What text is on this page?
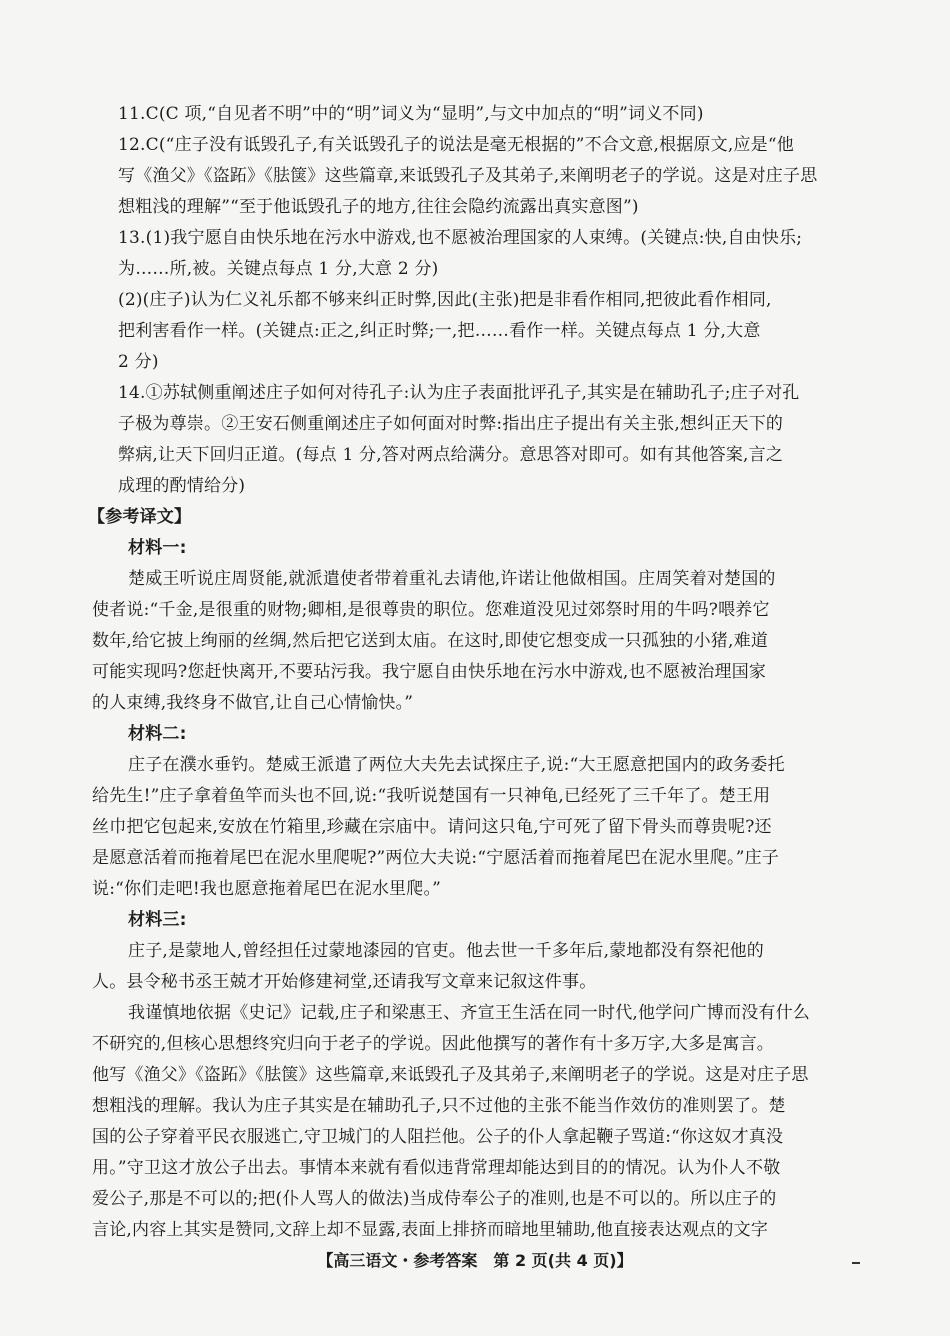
11.C(C 项,“自见者不明”中的“明”词义为“显明”,与文中加点的“明”词义不同)
12.C(“庄子没有诋毁孔子,有关诋毁孔子的说法是毫无根据的”不合文意,根据原文,应是“他
写《渔父》《盗跖》《胠箧》这些篇章,来诋毁孔子及其弟子,来阐明老子的学说。这是对庄子思
想粗浅的理解”“至于他诋毁孔子的地方,往往会隐约流露出真实意图”)
13.(1)我宁愿自由快乐地在污水中游戏,也不愿被治理国家的人束缚。(关键点:快,自由快乐;
为……所,被。关键点每点 1 分,大意 2 分)
(2)(庄子)认为仁义礼乐都不够来纠正时弊,因此(主张)把是非看作相同,把彼此看作相同,
把利害看作一样。(关键点:正之,纠正时弊;一,把……看作一样。关键点每点 1 分,大意
2 分)
14.①苏轼侧重阐述庄子如何对待孔子:认为庄子表面批评孔子,其实是在辅助孔子;庄子对孔
子极为尊崇。②王安石侧重阐述庄子如何面对时弊:指出庄子提出有关主张,想纠正天下的
弊病,让天下回归正道。(每点 1 分,答对两点给满分。意思答对即可。如有其他答案,言之
成理的酌情给分)
【参考译文】
材料一:
楚威王听说庄周贤能,就派遣使者带着重礼去请他,许诺让他做相国。庄周笑着对楚国的
使者说:“千金,是很重的财物;卿相,是很尊贵的职位。您难道没见过郊祭时用的牛吗?喂养它
数年,给它披上绚丽的丝绸,然后把它送到太庙。在这时,即使它想变成一只孤独的小猪,难道
可能实现吗?您赶快离开,不要玷污我。我宁愿自由快乐地在污水中游戏,也不愿被治理国家
的人束缚,我终身不做官,让自己心情愉快。”
材料二:
庄子在濮水垂钓。楚威王派遣了两位大夫先去试探庄子,说:“大王愿意把国内的政务委托
给先生!”庄子拿着鱼竿而头也不回,说:“我听说楚国有一只神龟,已经死了三千年了。楚王用
丝巾把它包起来,安放在竹箱里,珍藏在宗庙中。请问这只龟,宁可死了留下骨头而尊贵呢?还
是愿意活着而拖着尾巴在泥水里爬呢?”两位大夫说:“宁愿活着而拖着尾巴在泥水里爬。”庄子
说:“你们走吧!我也愿意拖着尾巴在泥水里爬。”
材料三:
庄子,是蒙地人,曾经担任过蒙地漆园的官吏。他去世一千多年后,蒙地都没有祭祀他的
人。县令秘书丞王兢才开始修建祠堂,还请我写文章来记叙这件事。
我谨慎地依据《史记》记载,庄子和梁惠王、齐宣王生活在同一时代,他学问广博而没有什么
不研究的,但核心思想终究归向于老子的学说。因此他撰写的著作有十多万字,大多是寓言。
他写《渔父》《盗跖》《胠箧》这些篇章,来诋毁孔子及其弟子,来阐明老子的学说。这是对庄子思
想粗浅的理解。我认为庄子其实是在辅助孔子,只不过他的主张不能当作效仿的准则罢了。楚
国的公子穿着平民衣服逃亡,守卫城门的人阻拦他。公子的仆人拿起鞭子骂道:“你这奴才真没
用。”守卫这才放公子出去。事情本来就有看似违背常理却能达到目的的情况。认为仆人不敬
爱公子,那是不可以的;把(仆人骂人的做法)当成侍奉公子的准则,也是不可以的。所以庄子的
言论,内容上其实是赞同,文辞上却不显露,表面上排挤而暗地里辅助,他直接表达观点的文字
【高三语文・参考答案　第 2 页(共 4 页)】
